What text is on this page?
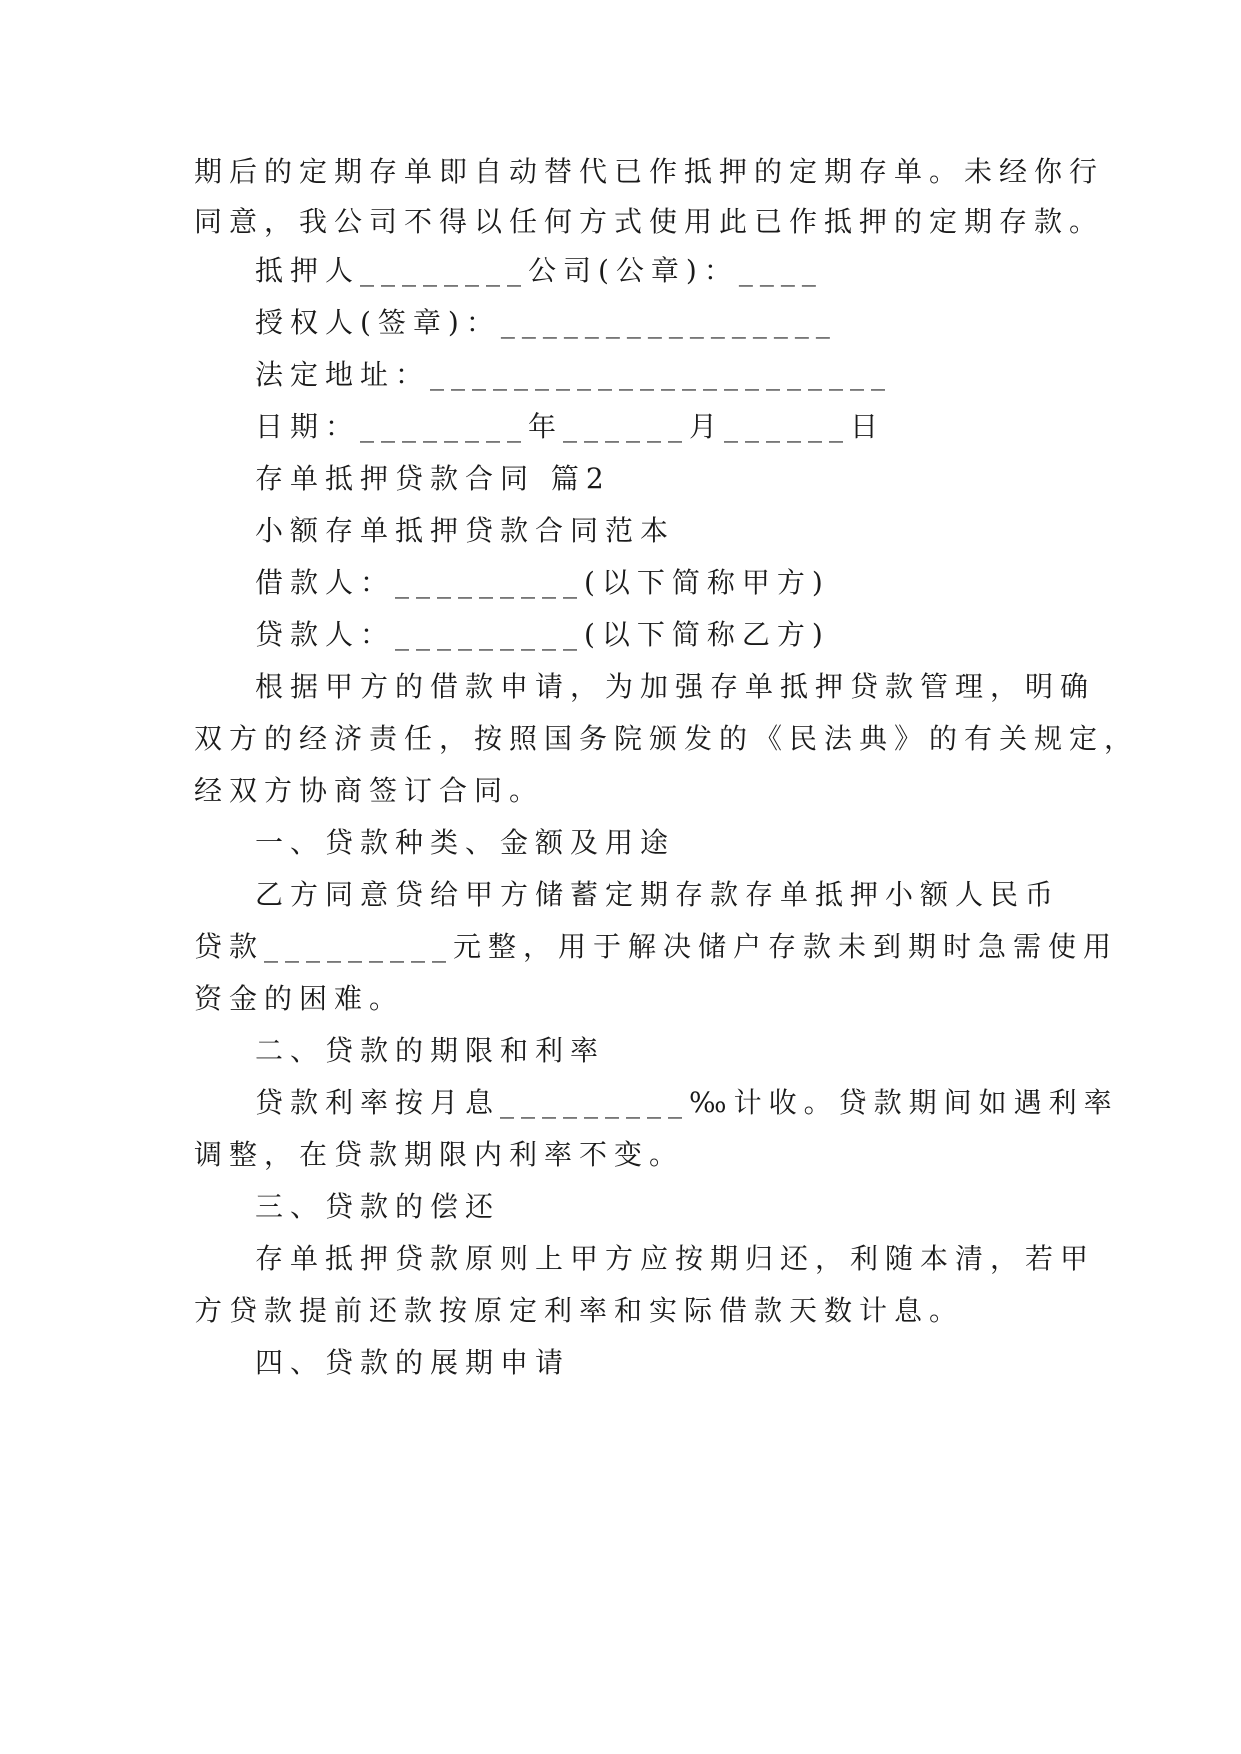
期后的定期存单即自动替代已作抵押的定期存单。未经你行
同意，我公司不得以任何方式使用此已作抵押的定期存款。
抵押人________公司(公章)：____
授权人(签章)：________________
法定地址：______________________
日期：________年______月______日
存单抵押贷款合同 篇2
小额存单抵押贷款合同范本
借款人：_________(以下简称甲方)
贷款人：_________(以下简称乙方)
根据甲方的借款申请，为加强存单抵押贷款管理，明确
双方的经济责任，按照国务院颁发的《民法典》的有关规定，
经双方协商签订合同。
一、贷款种类、金额及用途
乙方同意贷给甲方储蓄定期存款存单抵押小额人民币
贷款_________元整，用于解决储户存款未到期时急需使用
资金的困难。
二、贷款的期限和利率
贷款利率按月息_________‰计收。贷款期间如遇利率
调整，在贷款期限内利率不变。
三、贷款的偿还
存单抵押贷款原则上甲方应按期归还，利随本清，若甲
方贷款提前还款按原定利率和实际借款天数计息。
四、贷款的展期申请
